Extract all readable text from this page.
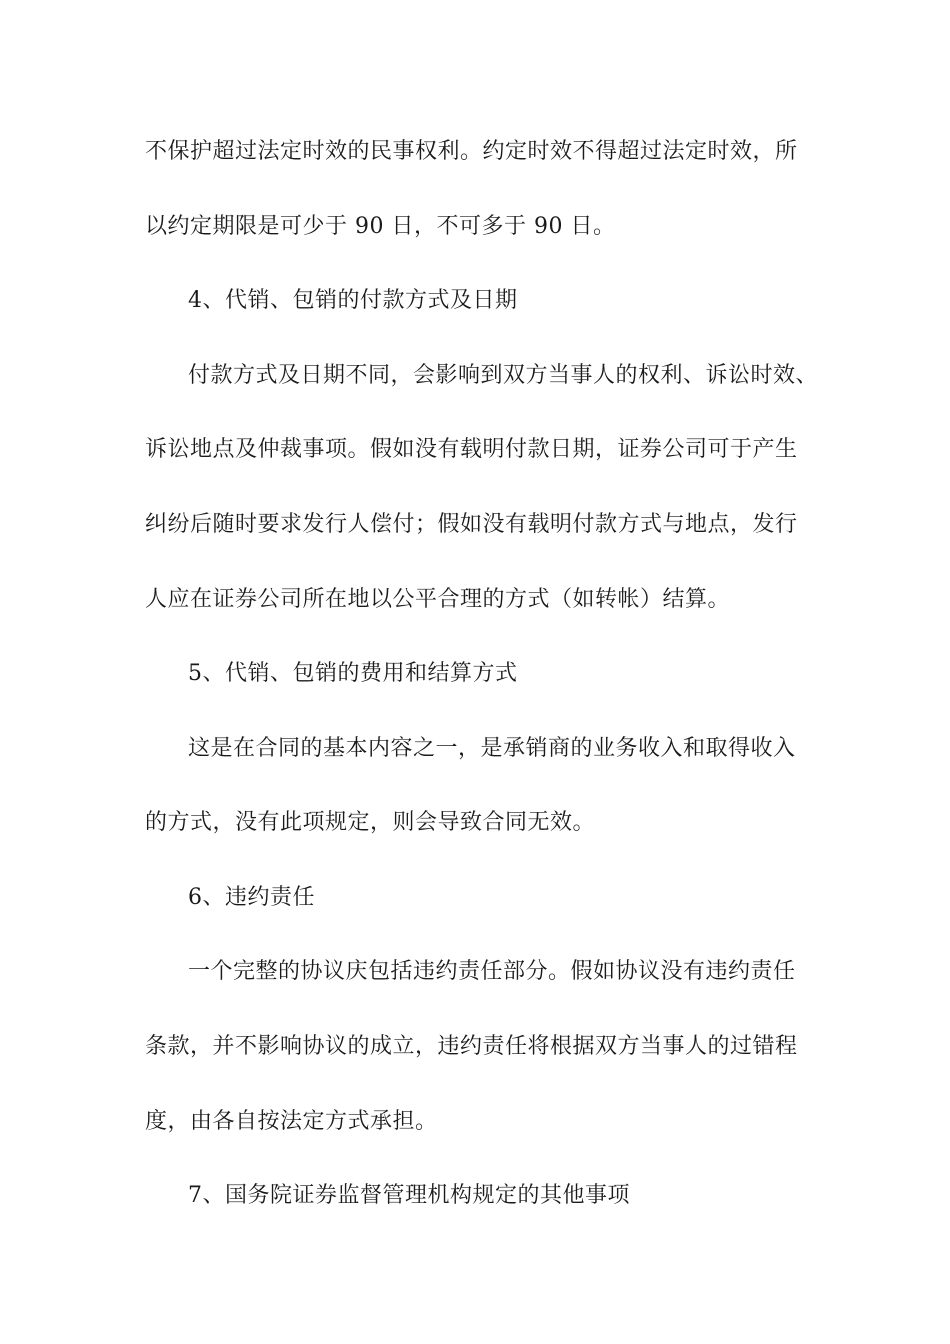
不保护超过法定时效的民事权利。约定时效不得超过法定时效，所
以约定期限是可少于 90 日，不可多于 90 日。
4、代销、包销的付款方式及日期
付款方式及日期不同，会影响到双方当事人的权利、诉讼时效、
诉讼地点及仲裁事项。假如没有载明付款日期，证券公司可于产生
纠纷后随时要求发行人偿付；假如没有载明付款方式与地点，发行
人应在证券公司所在地以公平合理的方式（如转帐）结算。
5、代销、包销的费用和结算方式
这是在合同的基本内容之一，是承销商的业务收入和取得收入
的方式，没有此项规定，则会导致合同无效。
6、违约责任
一个完整的协议庆包括违约责任部分。假如协议没有违约责任
条款，并不影响协议的成立，违约责任将根据双方当事人的过错程
度，由各自按法定方式承担。
7、国务院证券监督管理机构规定的其他事项
